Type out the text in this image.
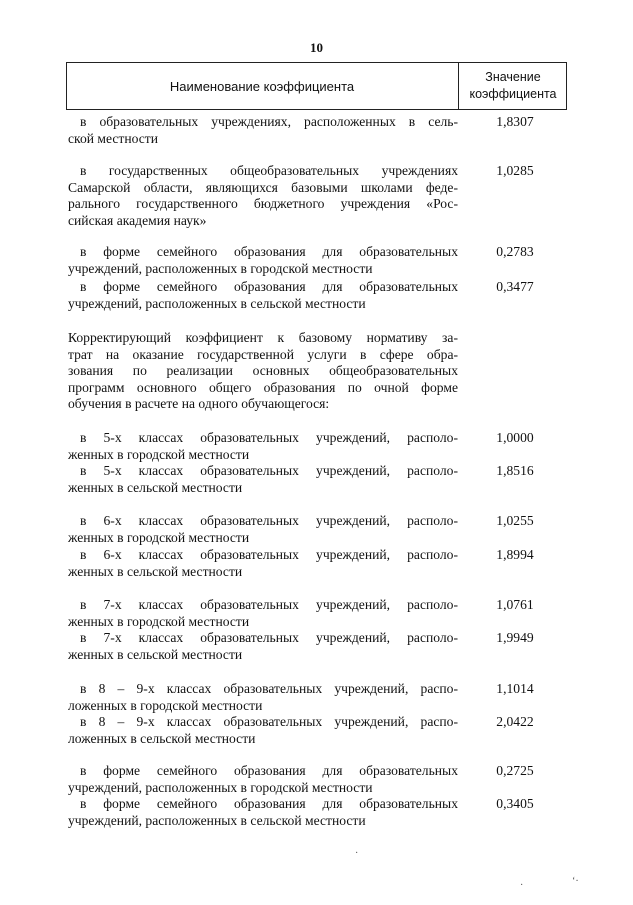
10
Наименование коэффициента
Значение
коэффициента
в образовательных учреждениях, расположенных в сель-
ской местности
1,8307
в государственных общеобразовательных учреждениях
Самарской области, являющихся базовыми школами феде-
рального государственного бюджетного учреждения «Рос-
сийская академия наук»
1,0285
в форме семейного образования для образовательных
учреждений, расположенных в городской местности
0,2783
в форме семейного образования для образовательных
учреждений, расположенных в сельской местности
0,3477
Корректирующий коэффициент к базовому нормативу за-
трат на оказание государственной услуги в сфере обра-
зования по реализации основных общеобразовательных
программ основного общего образования по очной форме
обучения в расчете на одного обучающегося:
в 5-х классах образовательных учреждений, располо-
женных в городской местности
1,0000
в 5-х классах образовательных учреждений, располо-
женных в сельской местности
1,8516
в 6-х классах образовательных учреждений, располо-
женных в городской местности
1,0255
в 6-х классах образовательных учреждений, располо-
женных в сельской местности
1,8994
в 7-х классах образовательных учреждений, располо-
женных в городской местности
1,0761
в 7-х классах образовательных учреждений, располо-
женных в сельской местности
1,9949
в 8 – 9-х классах образовательных учреждений, распо-
ложенных в городской местности
1,1014
в 8 – 9-х классах образовательных учреждений, распо-
ложенных в сельской местности
2,0422
в форме семейного образования для образовательных
учреждений, расположенных в городской местности
0,2725
в форме семейного образования для образовательных
учреждений, расположенных в сельской местности
0,3405
·
·	ʻ·
